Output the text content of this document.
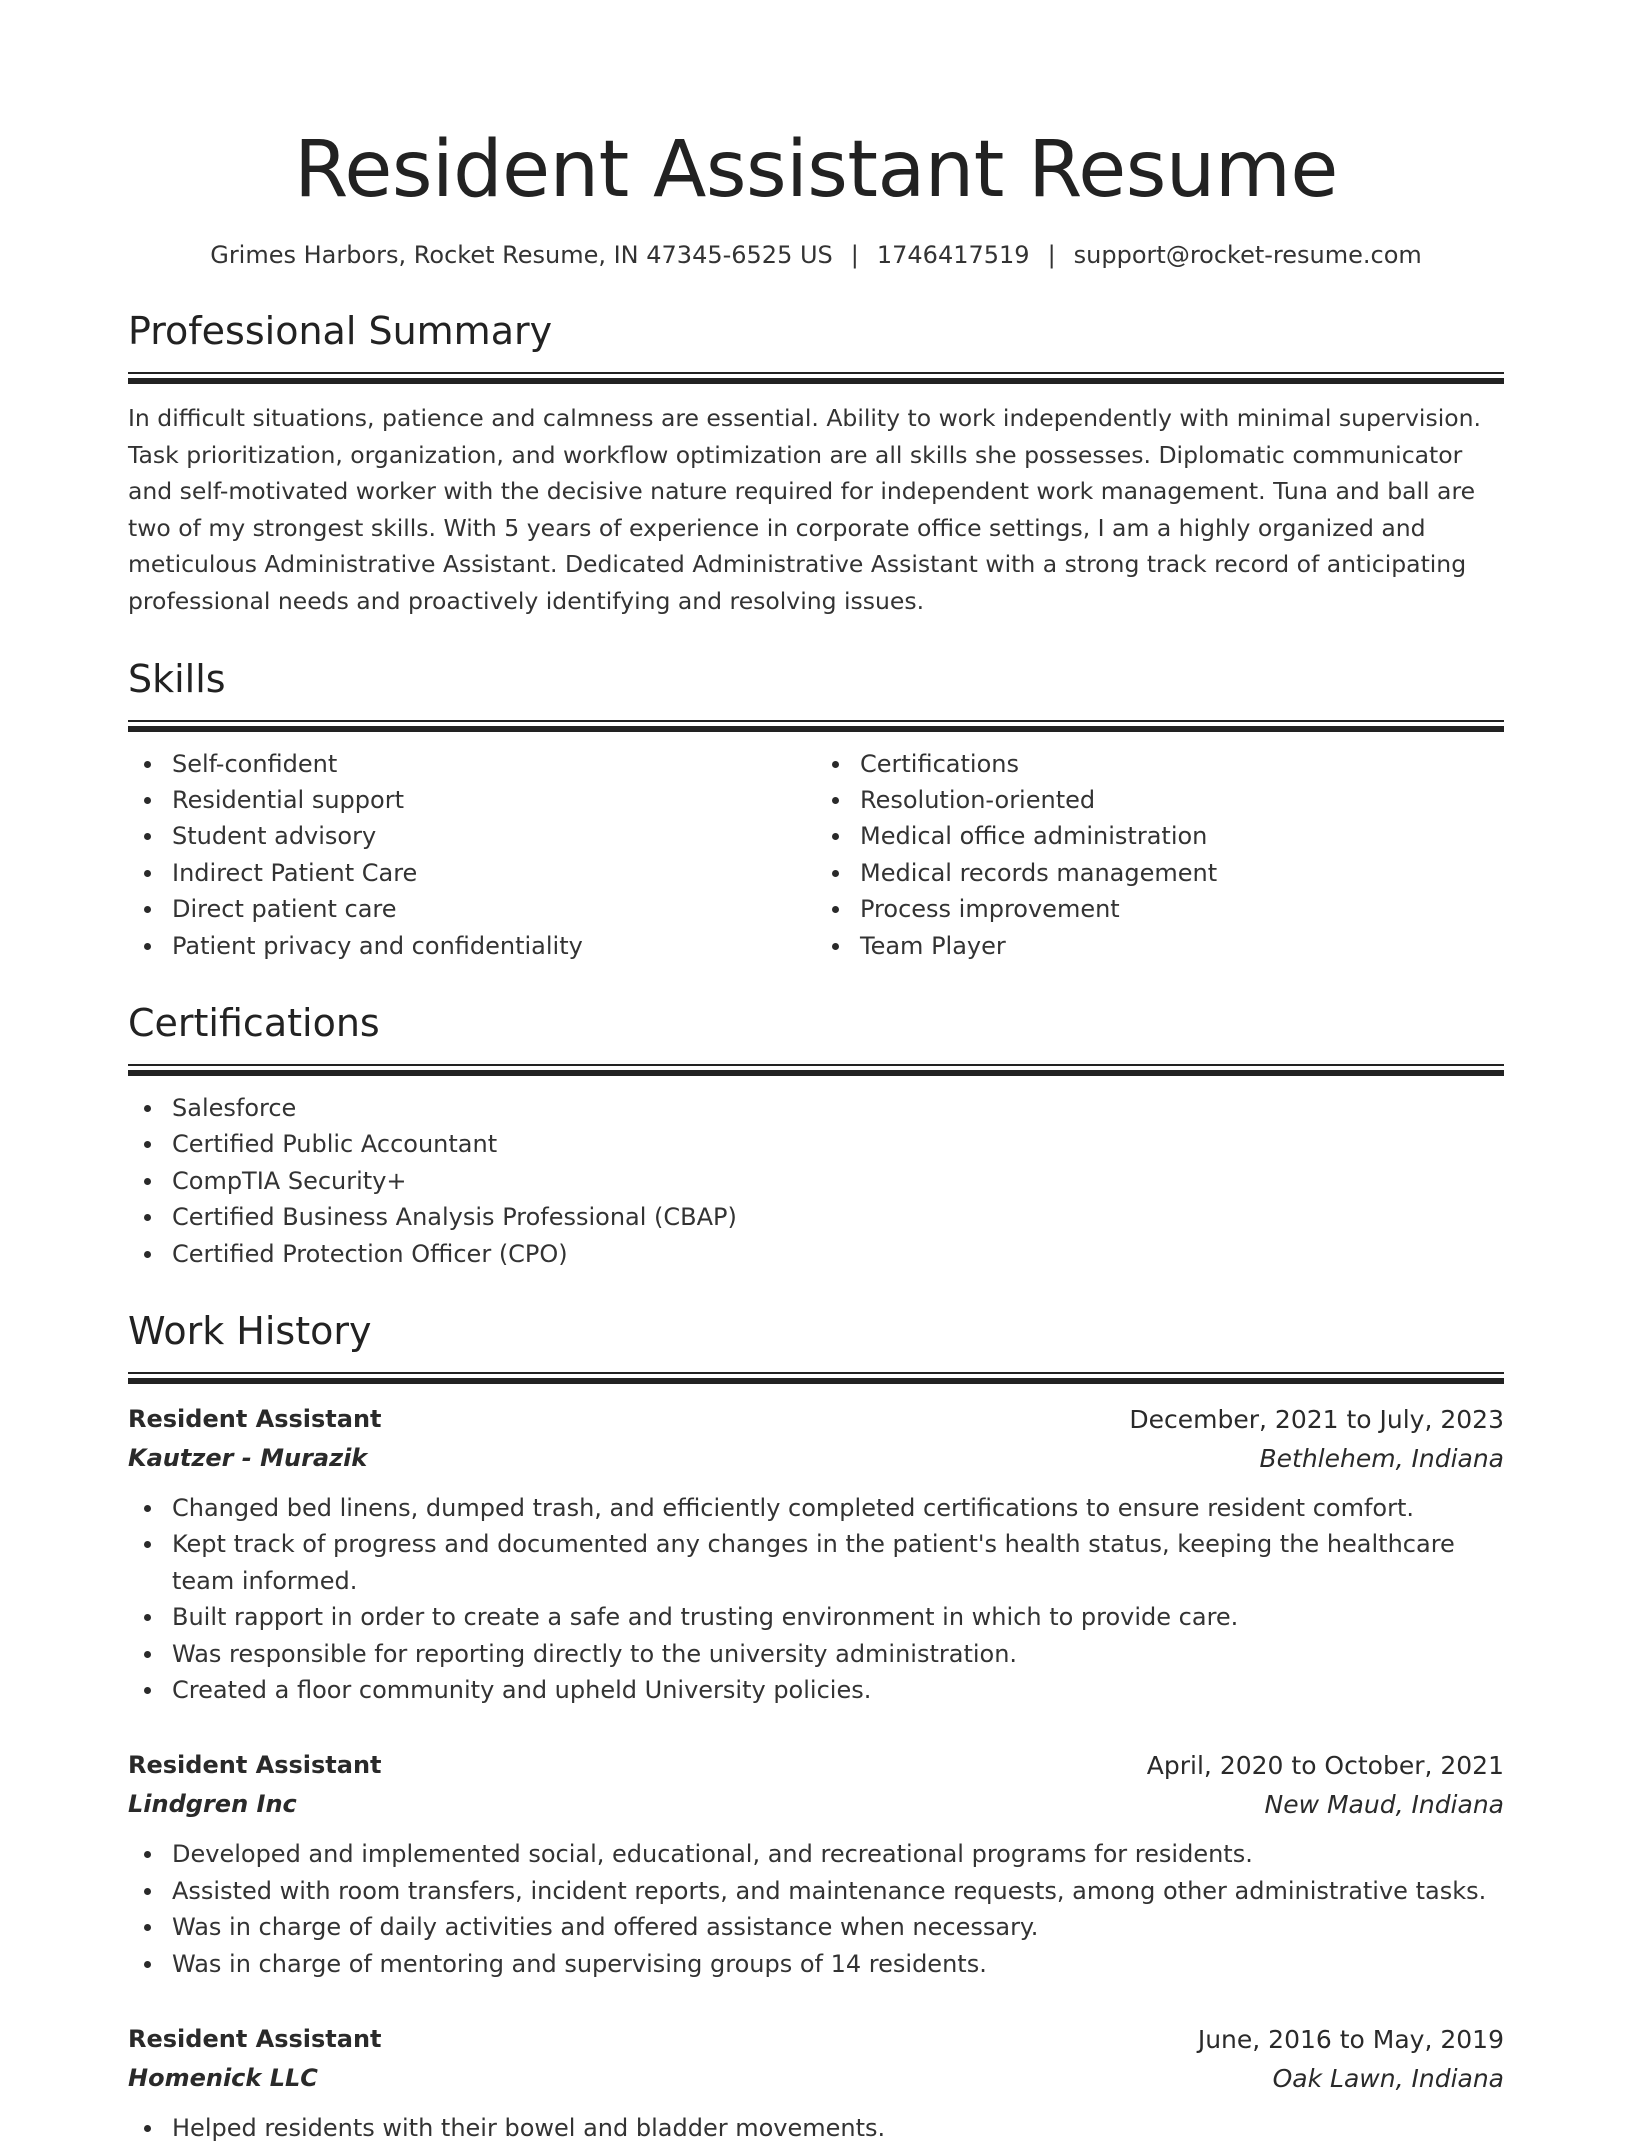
Resident Assistant Resume
Grimes Harbors, Rocket Resume, IN 47345-6525 US | 1746417519 | support@rocket-resume.com
Professional Summary

In difficult situations, patience and calmness are essential. Ability to work independently with minimal supervision. Task prioritization, organization, and workflow optimization are all skills she possesses. Diplomatic communicator and self-motivated worker with the decisive nature required for independent work management. Tuna and ball are two of my strongest skills. With 5 years of experience in corporate office settings, I am a highly organized and meticulous Administrative Assistant. Dedicated Administrative Assistant with a strong track record of anticipating professional needs and proactively identifying and resolving issues.

Skills
Self-confident
Residential support
Student advisory
Indirect Patient Care
Direct patient care
Patient privacy and confidentiality
Certifications
Resolution-oriented
Medical office administration
Medical records management
Process improvement
Team Player
Certifications
Salesforce
Certified Public Accountant
CompTIA Security+
Certified Business Analysis Professional (CBAP)
Certified Protection Officer (CPO)
Work History
Resident Assistant	December, 2021 to July, 2023
Kautzer - Murazik	Bethlehem, Indiana
Changed bed linens, dumped trash, and efficiently completed certifications to ensure resident comfort.
Kept track of progress and documented any changes in the patient's health status, keeping the healthcare team informed.
Built rapport in order to create a safe and trusting environment in which to provide care.
Was responsible for reporting directly to the university administration.
Created a floor community and upheld University policies.
Resident Assistant	April, 2020 to October, 2021
Lindgren Inc	New Maud, Indiana
Developed and implemented social, educational, and recreational programs for residents.
Assisted with room transfers, incident reports, and maintenance requests, among other administrative tasks.
Was in charge of daily activities and offered assistance when necessary.
Was in charge of mentoring and supervising groups of 14 residents.
Resident Assistant	June, 2016 to May, 2019
Homenick LLC	Oak Lawn, Indiana
Helped residents with their bowel and bladder movements.
